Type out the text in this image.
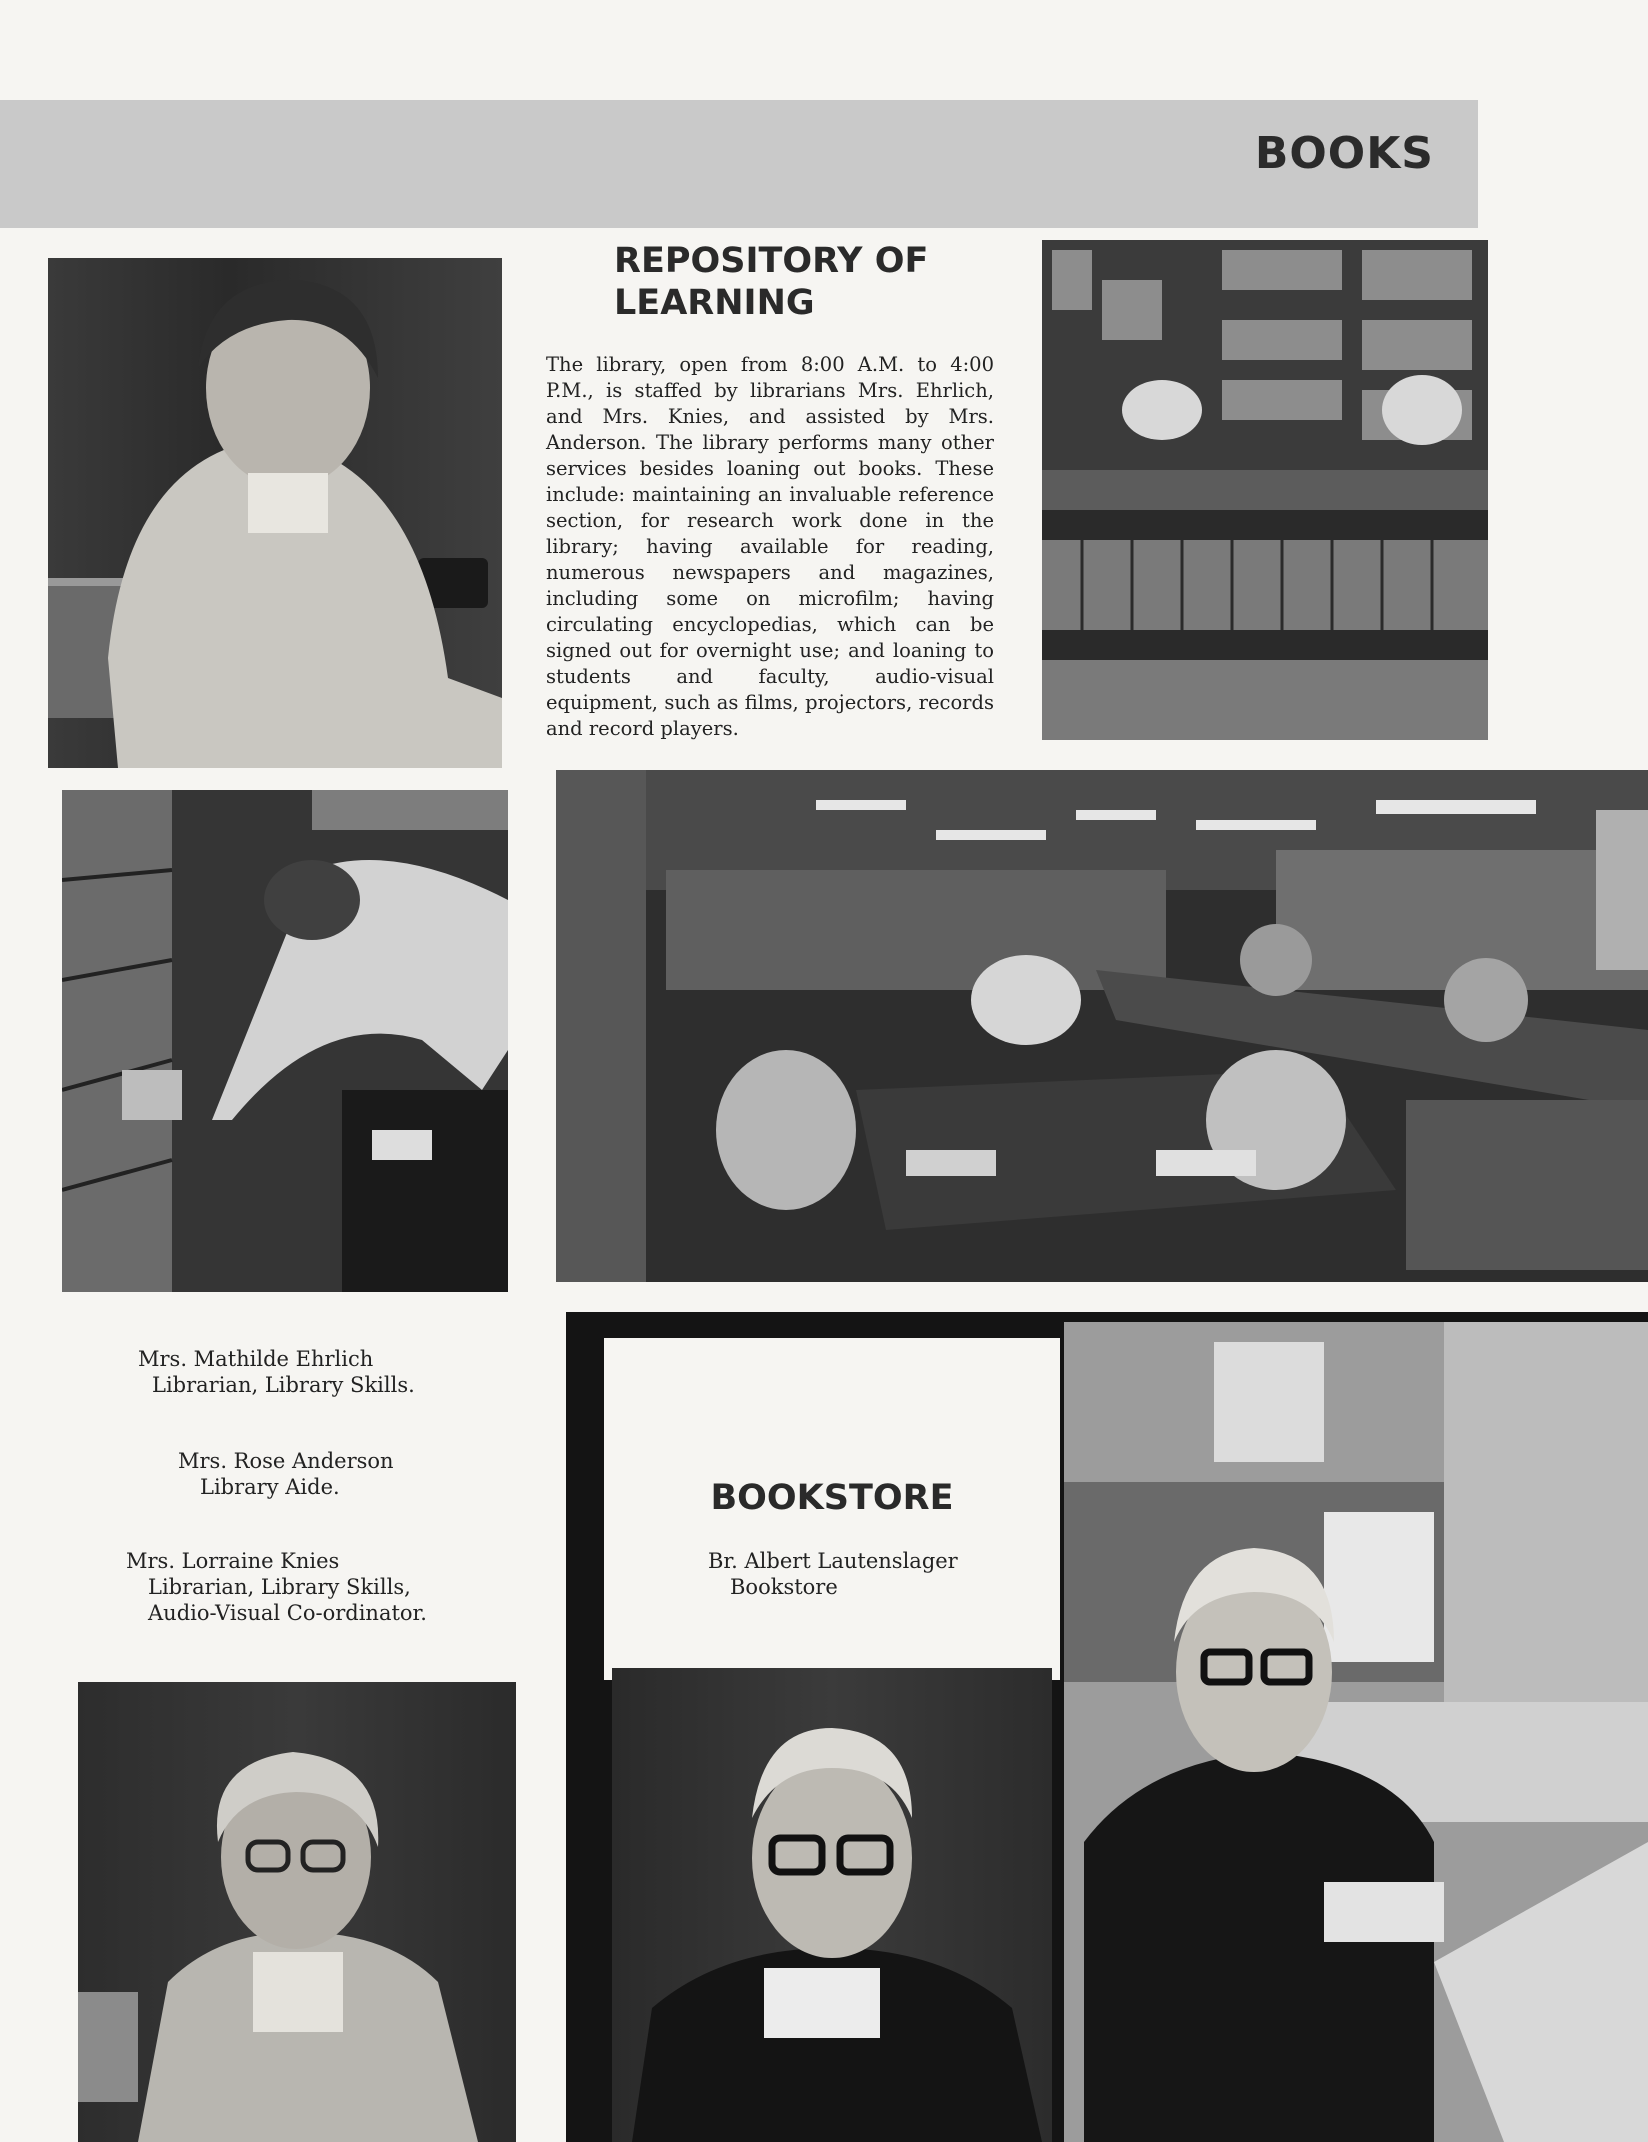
BOOKS
REPOSITORY OF
LEARNING
The library, open from 8:00 A.M. to 4:00 P.M., is staffed by librarians Mrs. Ehrlich, and Mrs. Knies, and assisted by Mrs. Anderson. The library performs many other services besides loaning out books. These include: maintaining an invaluable reference section, for research work done in the library; having available for reading, numerous newspapers and magazines, including some on microfilm; having circulating encyclopedias, which can be signed out for overnight use; and loaning to students and faculty, audio-visual equipment, such as films, projectors, records and record players.
Mrs. Mathilde Ehrlich
Librarian, Library Skills.
Mrs. Rose Anderson
Library Aide.
Mrs. Lorraine Knies
Librarian, Library Skills,
Audio-Visual Co-ordinator.
BOOKSTORE
Br. Albert Lautenslager
Bookstore
